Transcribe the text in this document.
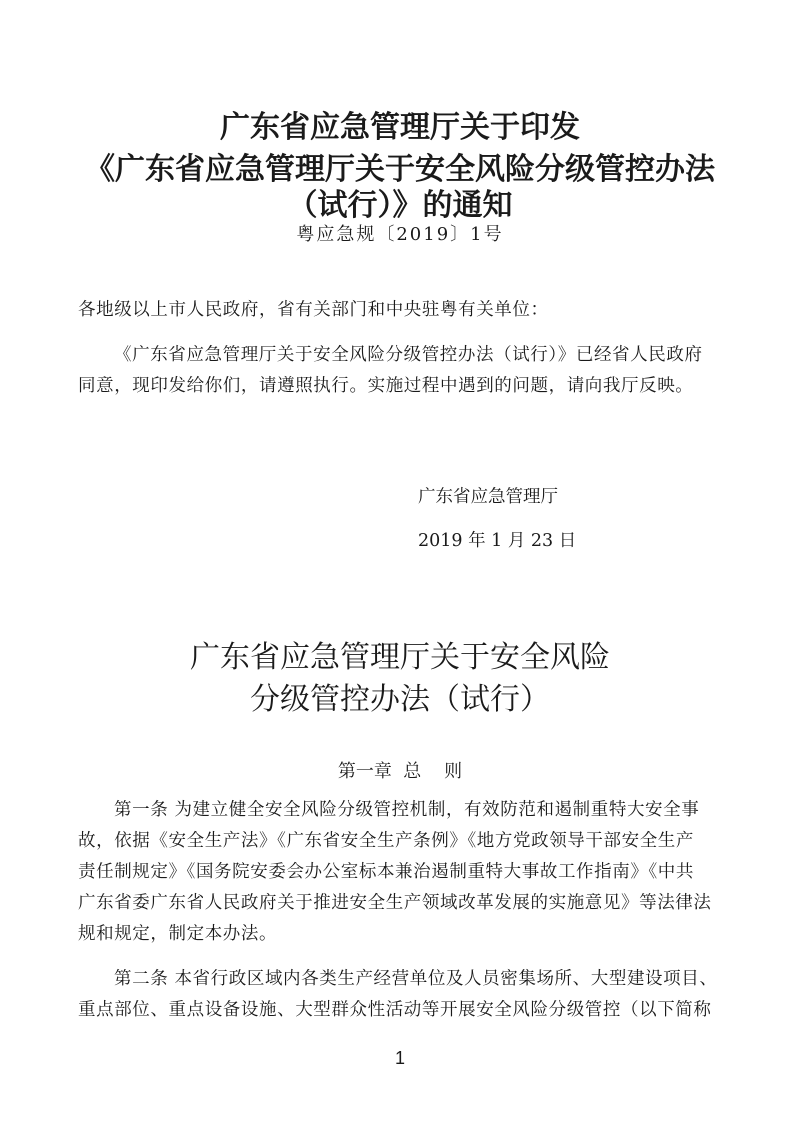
广东省应急管理厅关于印发
《广东省应急管理厅关于安全风险分级管控办法
（试行）》的通知
粤应急规〔2019〕1号
各地级以上市人民政府，省有关部门和中央驻粤有关单位：
《广东省应急管理厅关于安全风险分级管控办法（试行）》已经省人民政府
同意，现印发给你们，请遵照执行。实施过程中遇到的问题，请向我厅反映。
广东省应急管理厅
2019 年 1 月 23 日
广东省应急管理厅关于安全风险
分级管控办法（试行）
第一章  总    则
第一条 为建立健全安全风险分级管控机制，有效防范和遏制重特大安全事
故，依据《安全生产法》《广东省安全生产条例》《地方党政领导干部安全生产
责任制规定》《国务院安委会办公室标本兼治遏制重特大事故工作指南》《中共
广东省委广东省人民政府关于推进安全生产领域改革发展的实施意见》等法律法
规和规定，制定本办法。
第二条 本省行政区域内各类生产经营单位及人员密集场所、大型建设项目、
重点部位、重点设备设施、大型群众性活动等开展安全风险分级管控（以下简称
1
